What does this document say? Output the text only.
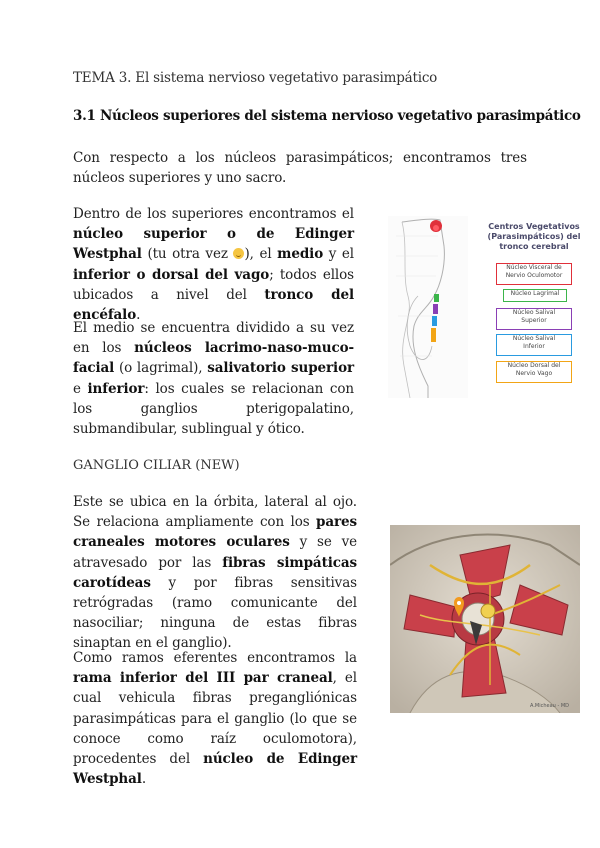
TEMA 3. El sistema nervioso vegetativo parasimpático
3.1 Núcleos superiores del sistema nervioso vegetativo parasimpático
Con respecto a los núcleos parasimpáticos; encontramos tres núcleos superiores y uno sacro.
Dentro de los superiores encontramos el núcleo superior o de Edinger Westphal (tu otra vez ), el medio y el inferior o dorsal del vago; todos ellos ubicados a nivel del tronco del encéfalo.
El medio se encuentra dividido a su vez en los núcleos lacrimo-naso-muco-facial (o lagrimal), salivatorio superior e inferior: los cuales se relacionan con los ganglios pterigopalatino, submandibular, sublingual y ótico.
GANGLIO CILIAR (NEW)
Este se ubica en la órbita, lateral al ojo. Se relaciona ampliamente con los pares craneales motores oculares y se ve atravesado por las fibras simpáticas carotídeas y por fibras sensitivas retrógradas (ramo comunicante del nasociliar; ninguna de estas fibras sinaptan en el ganglio).
Como ramos eferentes encontramos la rama inferior del III par craneal, el cual vehicula fibras pregangliónicas parasimpáticas para el ganglio (lo que se conoce como raíz oculomotora), procedentes del núcleo de Edinger Westphal.
Centros Vegetativos
(Parasimpáticos) del
tronco cerebral
Núcleo Visceral de
Nervio Oculomotor
Núcleo Lagrimal
Núcleo Salival
Superior
Núcleo Salival
Inferior
Núcleo Dorsal del
Nervio Vago
A.Micheau - MD
